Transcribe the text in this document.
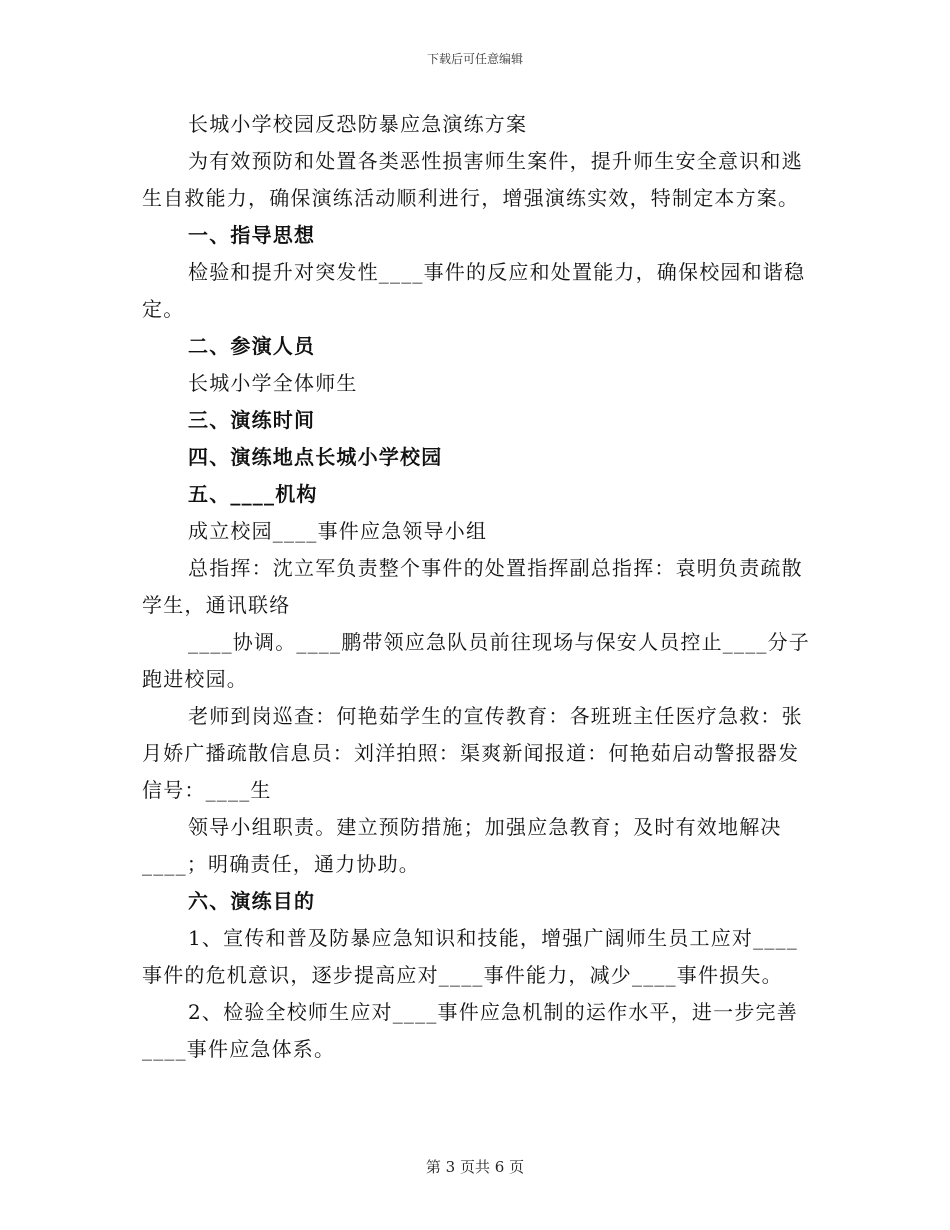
下载后可任意编辑

长城小学校园反恐防暴应急演练方案

为有效预防和处置各类恶性损害师生案件，提升师生安全意识和逃生自救能力，确保演练活动顺利进行，增强演练实效，特制定本方案。

一、指导思想

检验和提升对突发性____事件的反应和处置能力，确保校园和谐稳定。

二、参演人员

长城小学全体师生

三、演练时间

四、演练地点长城小学校园

五、____机构

成立校园____事件应急领导小组

总指挥：沈立军负责整个事件的处置指挥副总指挥：袁明负责疏散学生，通讯联络

____协调。____鹏带领应急队员前往现场与保安人员控止____分子跑进校园。

老师到岗巡查：何艳茹学生的宣传教育：各班班主任医疗急救：张月娇广播疏散信息员：刘洋拍照：渠爽新闻报道：何艳茹启动警报器发信号：____生

领导小组职责。建立预防措施；加强应急教育；及时有效地解决____；明确责任，通力协助。

六、演练目的

1、宣传和普及防暴应急知识和技能，增强广阔师生员工应对____事件的危机意识，逐步提高应对____事件能力，减少____事件损失。

2、检验全校师生应对____事件应急机制的运作水平，进一步完善____事件应急体系。

第 3 页共 6 页
